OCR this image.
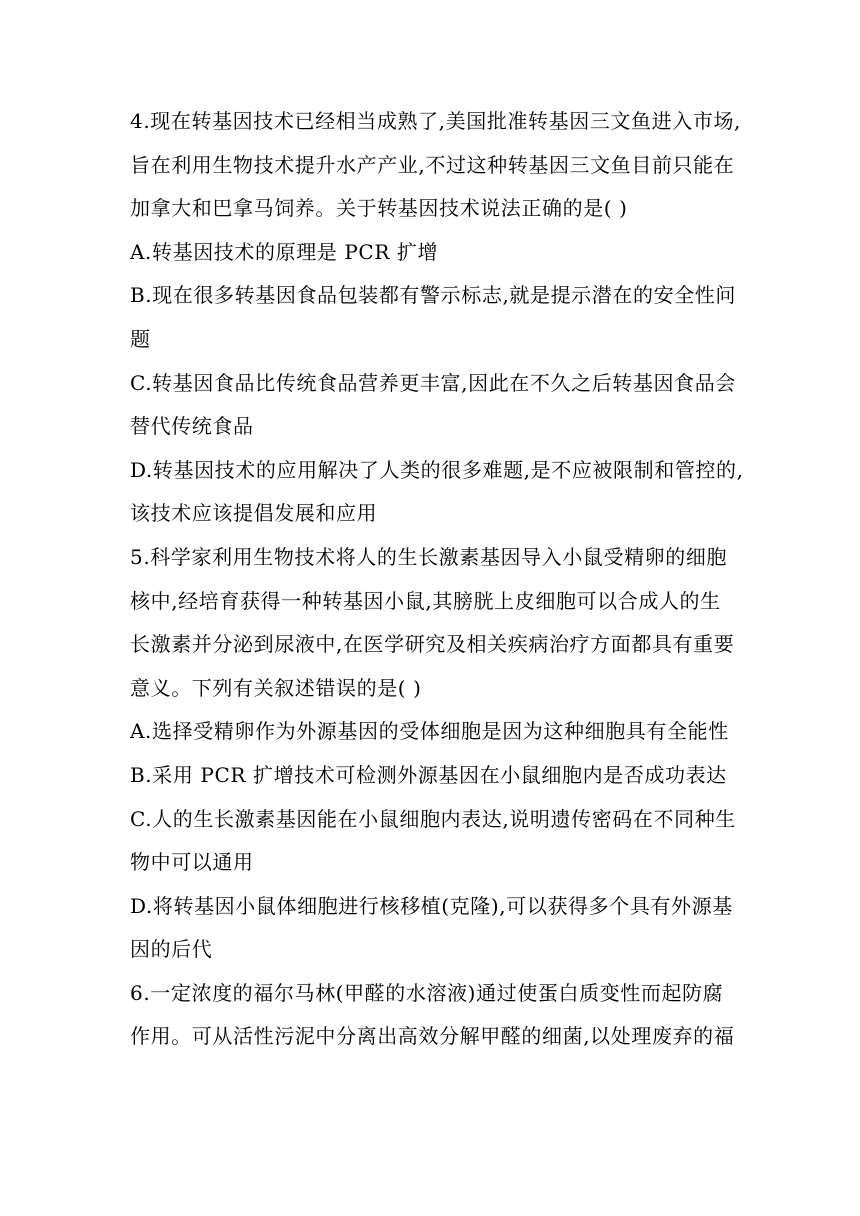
4.现在转基因技术已经相当成熟了,美国批准转基因三文鱼进入市场,
旨在利用生物技术提升水产产业,不过这种转基因三文鱼目前只能在
加拿大和巴拿马饲养。关于转基因技术说法正确的是( )
A.转基因技术的原理是 PCR 扩增
B.现在很多转基因食品包装都有警示标志,就是提示潜在的安全性问
题
C.转基因食品比传统食品营养更丰富,因此在不久之后转基因食品会
替代传统食品
D.转基因技术的应用解决了人类的很多难题,是不应被限制和管控的,
该技术应该提倡发展和应用
5.科学家利用生物技术将人的生长激素基因导入小鼠受精卵的细胞
核中,经培育获得一种转基因小鼠,其膀胱上皮细胞可以合成人的生
长激素并分泌到尿液中,在医学研究及相关疾病治疗方面都具有重要
意义。下列有关叙述错误的是( )
A.选择受精卵作为外源基因的受体细胞是因为这种细胞具有全能性
B.采用 PCR 扩增技术可检测外源基因在小鼠细胞内是否成功表达
C.人的生长激素基因能在小鼠细胞内表达,说明遗传密码在不同种生
物中可以通用
D.将转基因小鼠体细胞进行核移植(克隆),可以获得多个具有外源基
因的后代
6.一定浓度的福尔马林(甲醛的水溶液)通过使蛋白质变性而起防腐
作用。可从活性污泥中分离出高效分解甲醛的细菌,以处理废弃的福
